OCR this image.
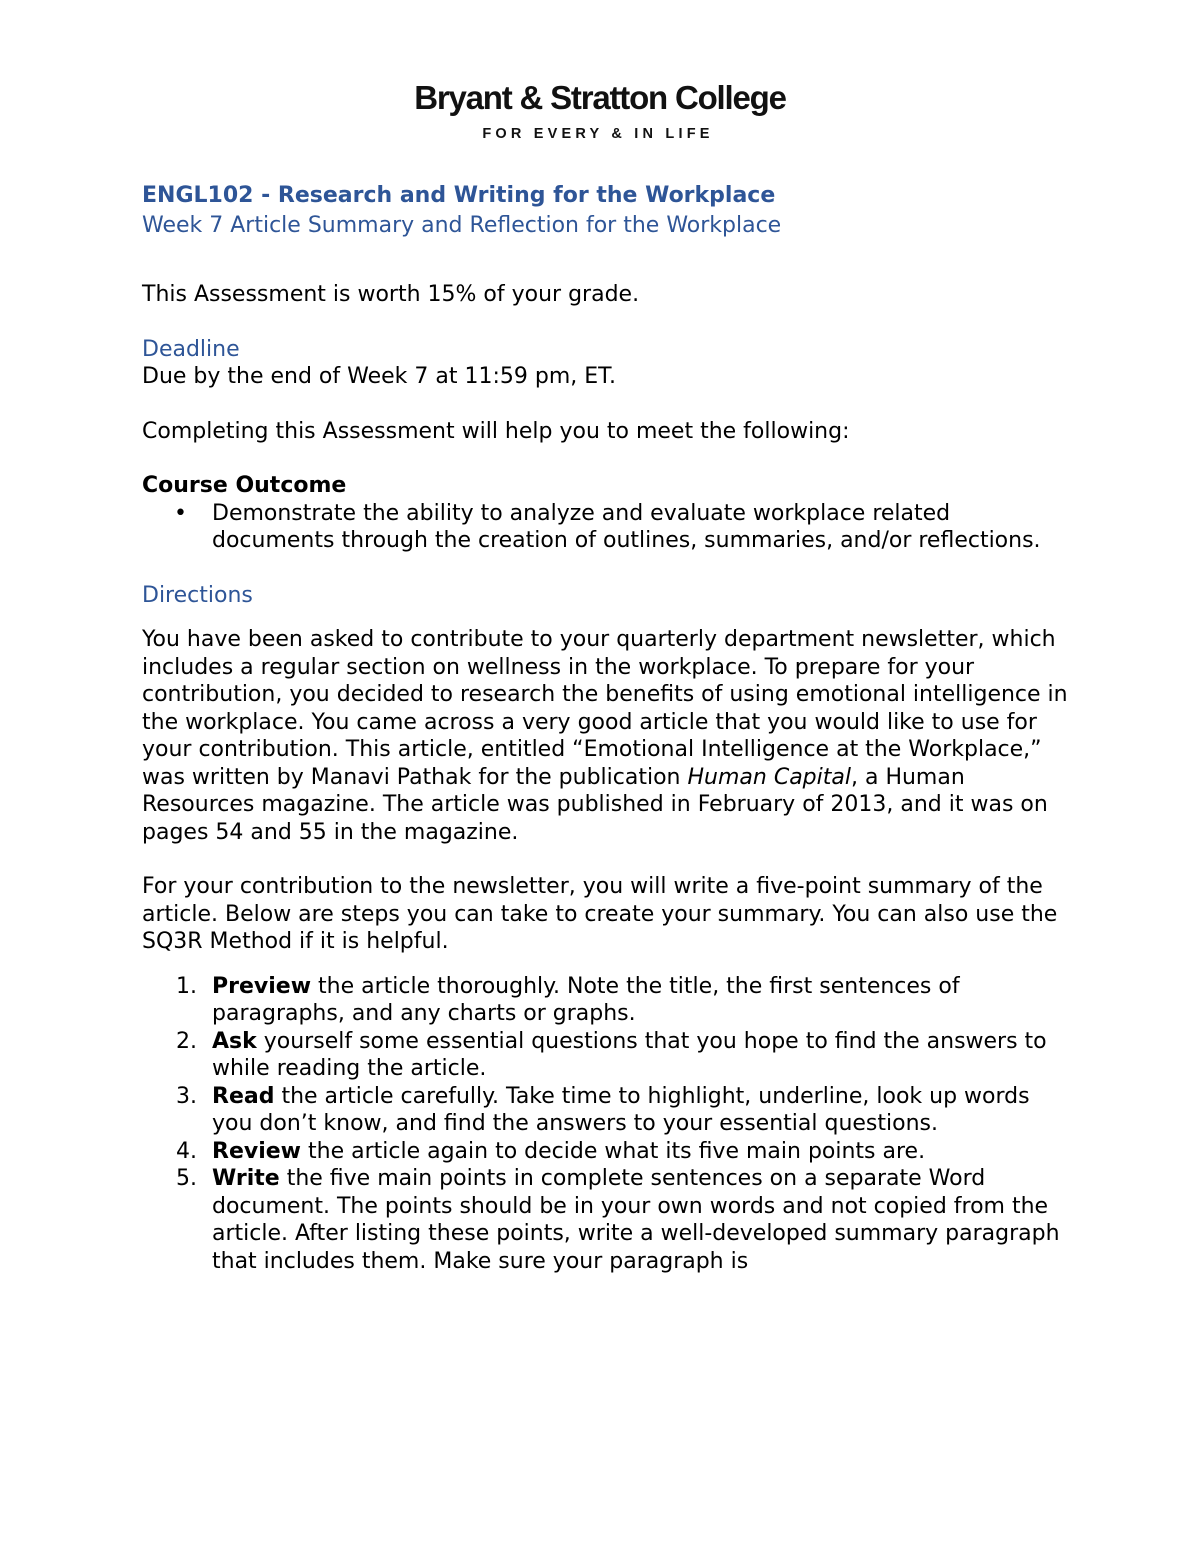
Bryant & Stratton College
FOR EVERY & IN LIFE

ENGL102 - Research and Writing for the Workplace

Week 7 Article Summary and Reflection for the Workplace

This Assessment is worth 15% of your grade.

Deadline

Due by the end of Week 7 at 11:59 pm, ET.

Completing this Assessment will help you to meet the following:

Course Outcome

• Demonstrate the ability to analyze and evaluate workplace related documents through the creation of outlines, summaries, and/or reflections.

Directions

You have been asked to contribute to your quarterly department newsletter, which includes a regular section on wellness in the workplace. To prepare for your contribution, you decided to research the benefits of using emotional intelligence in the workplace. You came across a very good article that you would like to use for your contribution. This article, entitled “Emotional Intelligence at the Workplace,” was written by Manavi Pathak for the publication Human Capital, a Human Resources magazine. The article was published in February of 2013, and it was on pages 54 and 55 in the magazine.

For your contribution to the newsletter, you will write a five-point summary of the article. Below are steps you can take to create your summary. You can also use the SQ3R Method if it is helpful.

1. Preview the article thoroughly. Note the title, the first sentences of paragraphs, and any charts or graphs.
2. Ask yourself some essential questions that you hope to find the answers to while reading the article.
3. Read the article carefully. Take time to highlight, underline, look up words you don’t know, and find the answers to your essential questions.
4. Review the article again to decide what its five main points are.
5. Write the five main points in complete sentences on a separate Word document. The points should be in your own words and not copied from the article. After listing these points, write a well-developed summary paragraph that includes them. Make sure your paragraph is
